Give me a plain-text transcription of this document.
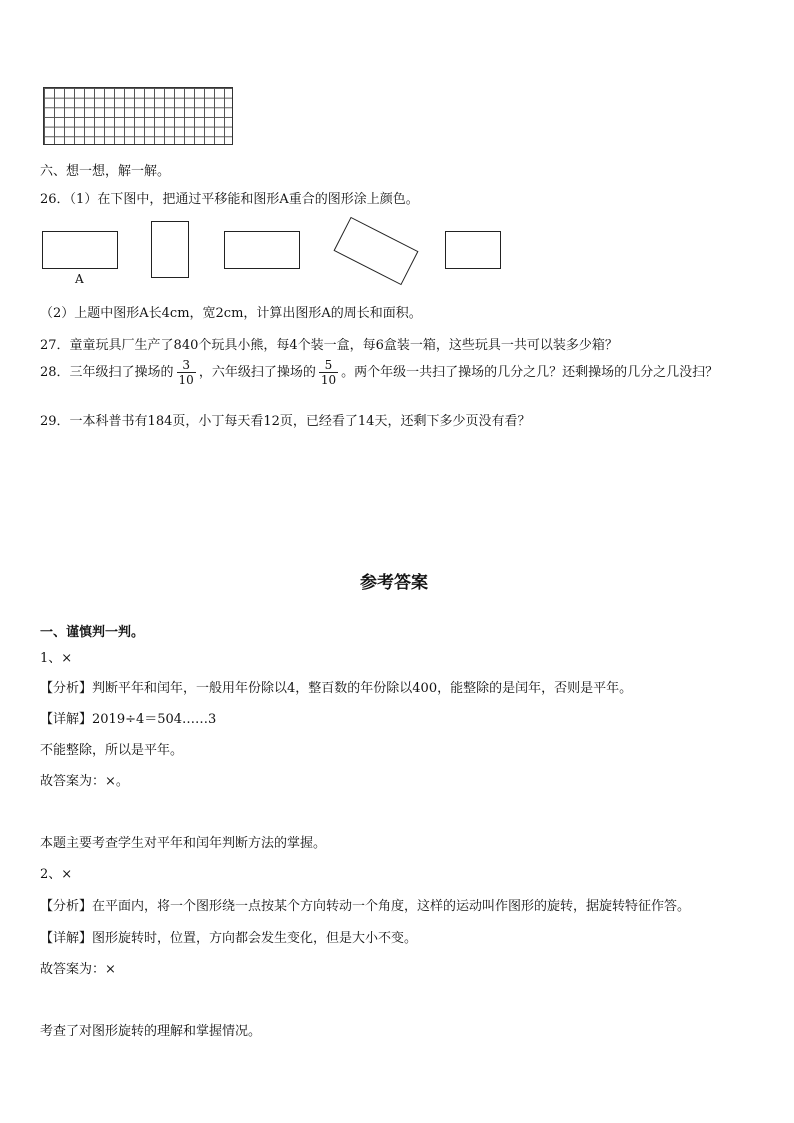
六、想一想，解一解。
26．（1）在下图中，把通过平移能和图形A重合的图形涂上颜色。
A
（2）上题中图形A长4cm，宽2cm，计算出图形A的周长和面积。
27．童童玩具厂生产了840个玩具小熊，每4个装一盒，每6盒装一箱，这些玩具一共可以装多少箱？
28．三年级扫了操场的 $\frac{3}{10}$ ，六年级扫了操场的 $\frac{5}{10}$ 。两个年级一共扫了操场的几分之几？还剩操场的几分之几没扫？
29．一本科普书有184页，小丁每天看12页，已经看了14天，还剩下多少页没有看？
参考答案
一、谨慎判一判。
1、×
【分析】判断平年和闰年，一般用年份除以4，整百数的年份除以400，能整除的是闰年，否则是平年。
【详解】2019÷4＝504……3
不能整除，所以是平年。
故答案为：×。
本题主要考查学生对平年和闰年判断方法的掌握。
2、×
【分析】在平面内，将一个图形绕一点按某个方向转动一个角度，这样的运动叫作图形的旋转，据旋转特征作答。
【详解】图形旋转时，位置，方向都会发生变化，但是大小不变。
故答案为：×
考查了对图形旋转的理解和掌握情况。
